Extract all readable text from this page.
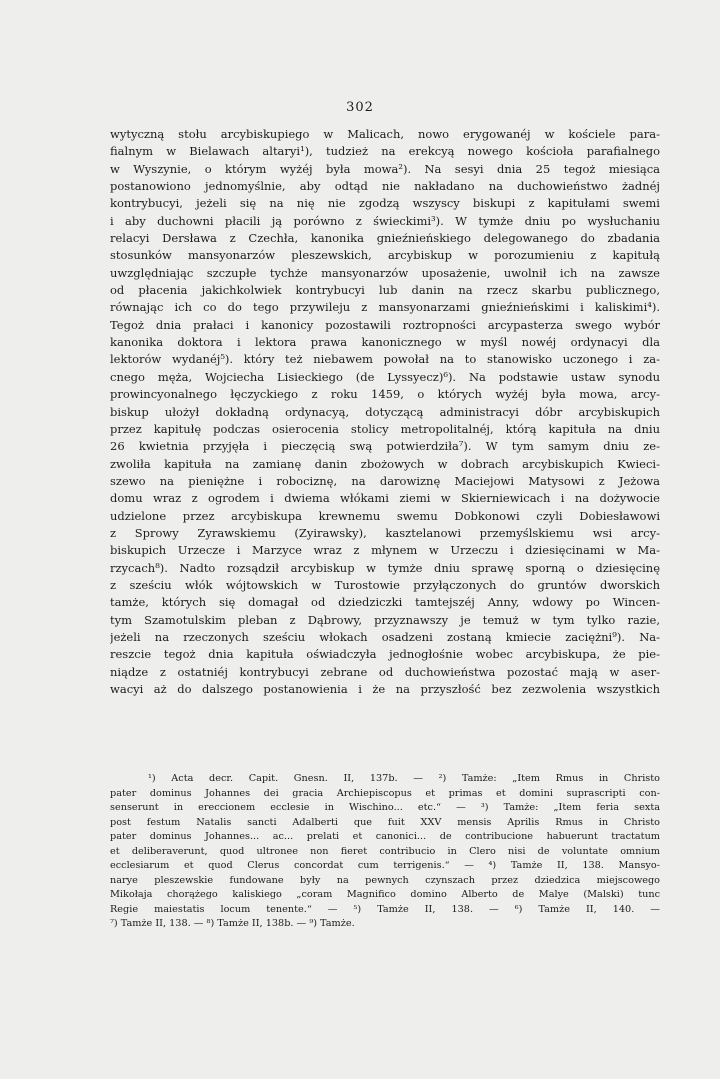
302
wytyczną stołu arcybiskupiego w Malicach, nowo erygowanéj w kościele para-
fialnym w Bielawach altaryi¹), tudzież na erekcyą nowego kościoła parafialnego
w Wyszynie, o którym wyżéj była mowa²). Na sesyi dnia 25 tegoż miesiąca
postanowiono jednomyślnie, aby odtąd nie nakładano na duchowieństwo żadnéj
kontrybucyi, jeżeli się na nię nie zgodzą wszyscy biskupi z kapitułami swemi
i aby duchowni płacili ją porówno z świeckimi³). W tymże dniu po wysłuchaniu
relacyi Dersława z Czechła, kanonika gnieźnieńskiego delegowanego do zbadania
stosunków mansyonarzów pleszewskich, arcybiskup w porozumieniu z kapitułą
uwzględniając szczupłe tychże mansyonarzów uposażenie, uwolnił ich na zawsze
od płacenia jakichkolwiek kontrybucyi lub danin na rzecz skarbu publicznego,
równając ich co do tego przywileju z mansyonarzami gnieźnieńskimi i kaliskimi⁴).
Tegoż dnia prałaci i kanonicy pozostawili roztropności arcypasterza swego wybór
kanonika doktora i lektora prawa kanonicznego w myśl nowéj ordynacyi dla
lektorów wydanéj⁵). który też niebawem powołał na to stanowisko uczonego i za-
cnego męża, Wojciecha Lisieckiego (de Lyssyecz)⁶). Na podstawie ustaw synodu
prowincyonalnego łęczyckiego z roku 1459, o których wyżéj była mowa, arcy-
biskup ułożył dokładną ordynacyą, dotyczącą administracyi dóbr arcybiskupich
przez kapitułę podczas osierocenia stolicy metropolitalnéj, którą kapituła na dniu
26 kwietnia przyjęła i pieczęcią swą potwierdziła⁷). W tym samym dniu ze-
zwoliła kapituła na zamianę danin zbożowych w dobrach arcybiskupich Kwieci-
szewo na pieniężne i robociznę, na darowiznę Maciejowi Matysowi z Jeżowa
domu wraz z ogrodem i dwiema włókami ziemi w Skierniewicach i na dożywocie
udzielone przez arcybiskupa krewnemu swemu Dobkonowi czyli Dobiesławowi
z Sprowy Zyrawskiemu (Zyirawsky), kasztelanowi przemyślskiemu wsi arcy-
biskupich Urzecze i Marzyce wraz z młynem w Urzeczu i dziesięcinami w Ma-
rzycach⁸). Nadto rozsądził arcybiskup w tymże dniu sprawę sporną o dziesięcinę
z sześciu włók wójtowskich w Turostowie przyłączonych do gruntów dworskich
tamże, których się domagał od dziedziczki tamtejszéj Anny, wdowy po Wincen-
tym Szamotulskim pleban z Dąbrowy, przyznawszy je temuż w tym tylko razie,
jeżeli na rzeczonych sześciu włokach osadzeni zostaną kmiecie zaciężni⁹). Na-
reszcie tegoż dnia kapituła oświadczyła jednogłośnie wobec arcybiskupa, że pie-
niądze z ostatniéj kontrybucyi zebrane od duchowieństwa pozostać mają w aser-
wacyi aż do dalszego postanowienia i że na przyszłość bez zezwolenia wszystkich
¹) Acta decr. Capit. Gnesn. II, 137b. — ²) Tamże: „Item Rmus in Christo
pater dominus Johannes dei gracia Archiepiscopus et primas et domini suprascripti con-
senserunt in ereccionem ecclesie in Wischino... etc.“ — ³) Tamże: „Item feria sexta
post festum Natalis sancti Adalberti que fuit XXV mensis Aprilis Rmus in Christo
pater dominus Johannes... ac... prelati et canonici... de contribucione habuerunt tractatum
et deliberaverunt, quod ultronee non fieret contribucio in Clero nisi de voluntate omnium
ecclesiarum et quod Clerus concordat cum terrigenis.“ — ⁴) Tamże II, 138. Mansyo-
narye pleszewskie fundowane były na pewnych czynszach przez dziedzica miejscowego
Mikołaja chorążego kaliskiego „coram Magnifico domino Alberto de Malye (Malski) tunc
Regie maiestatis locum tenente.“ — ⁵) Tamże II, 138. — ⁶) Tamże II, 140. —
⁷) Tamże II, 138. — ⁸) Tamże II, 138b. — ⁹) Tamże.
